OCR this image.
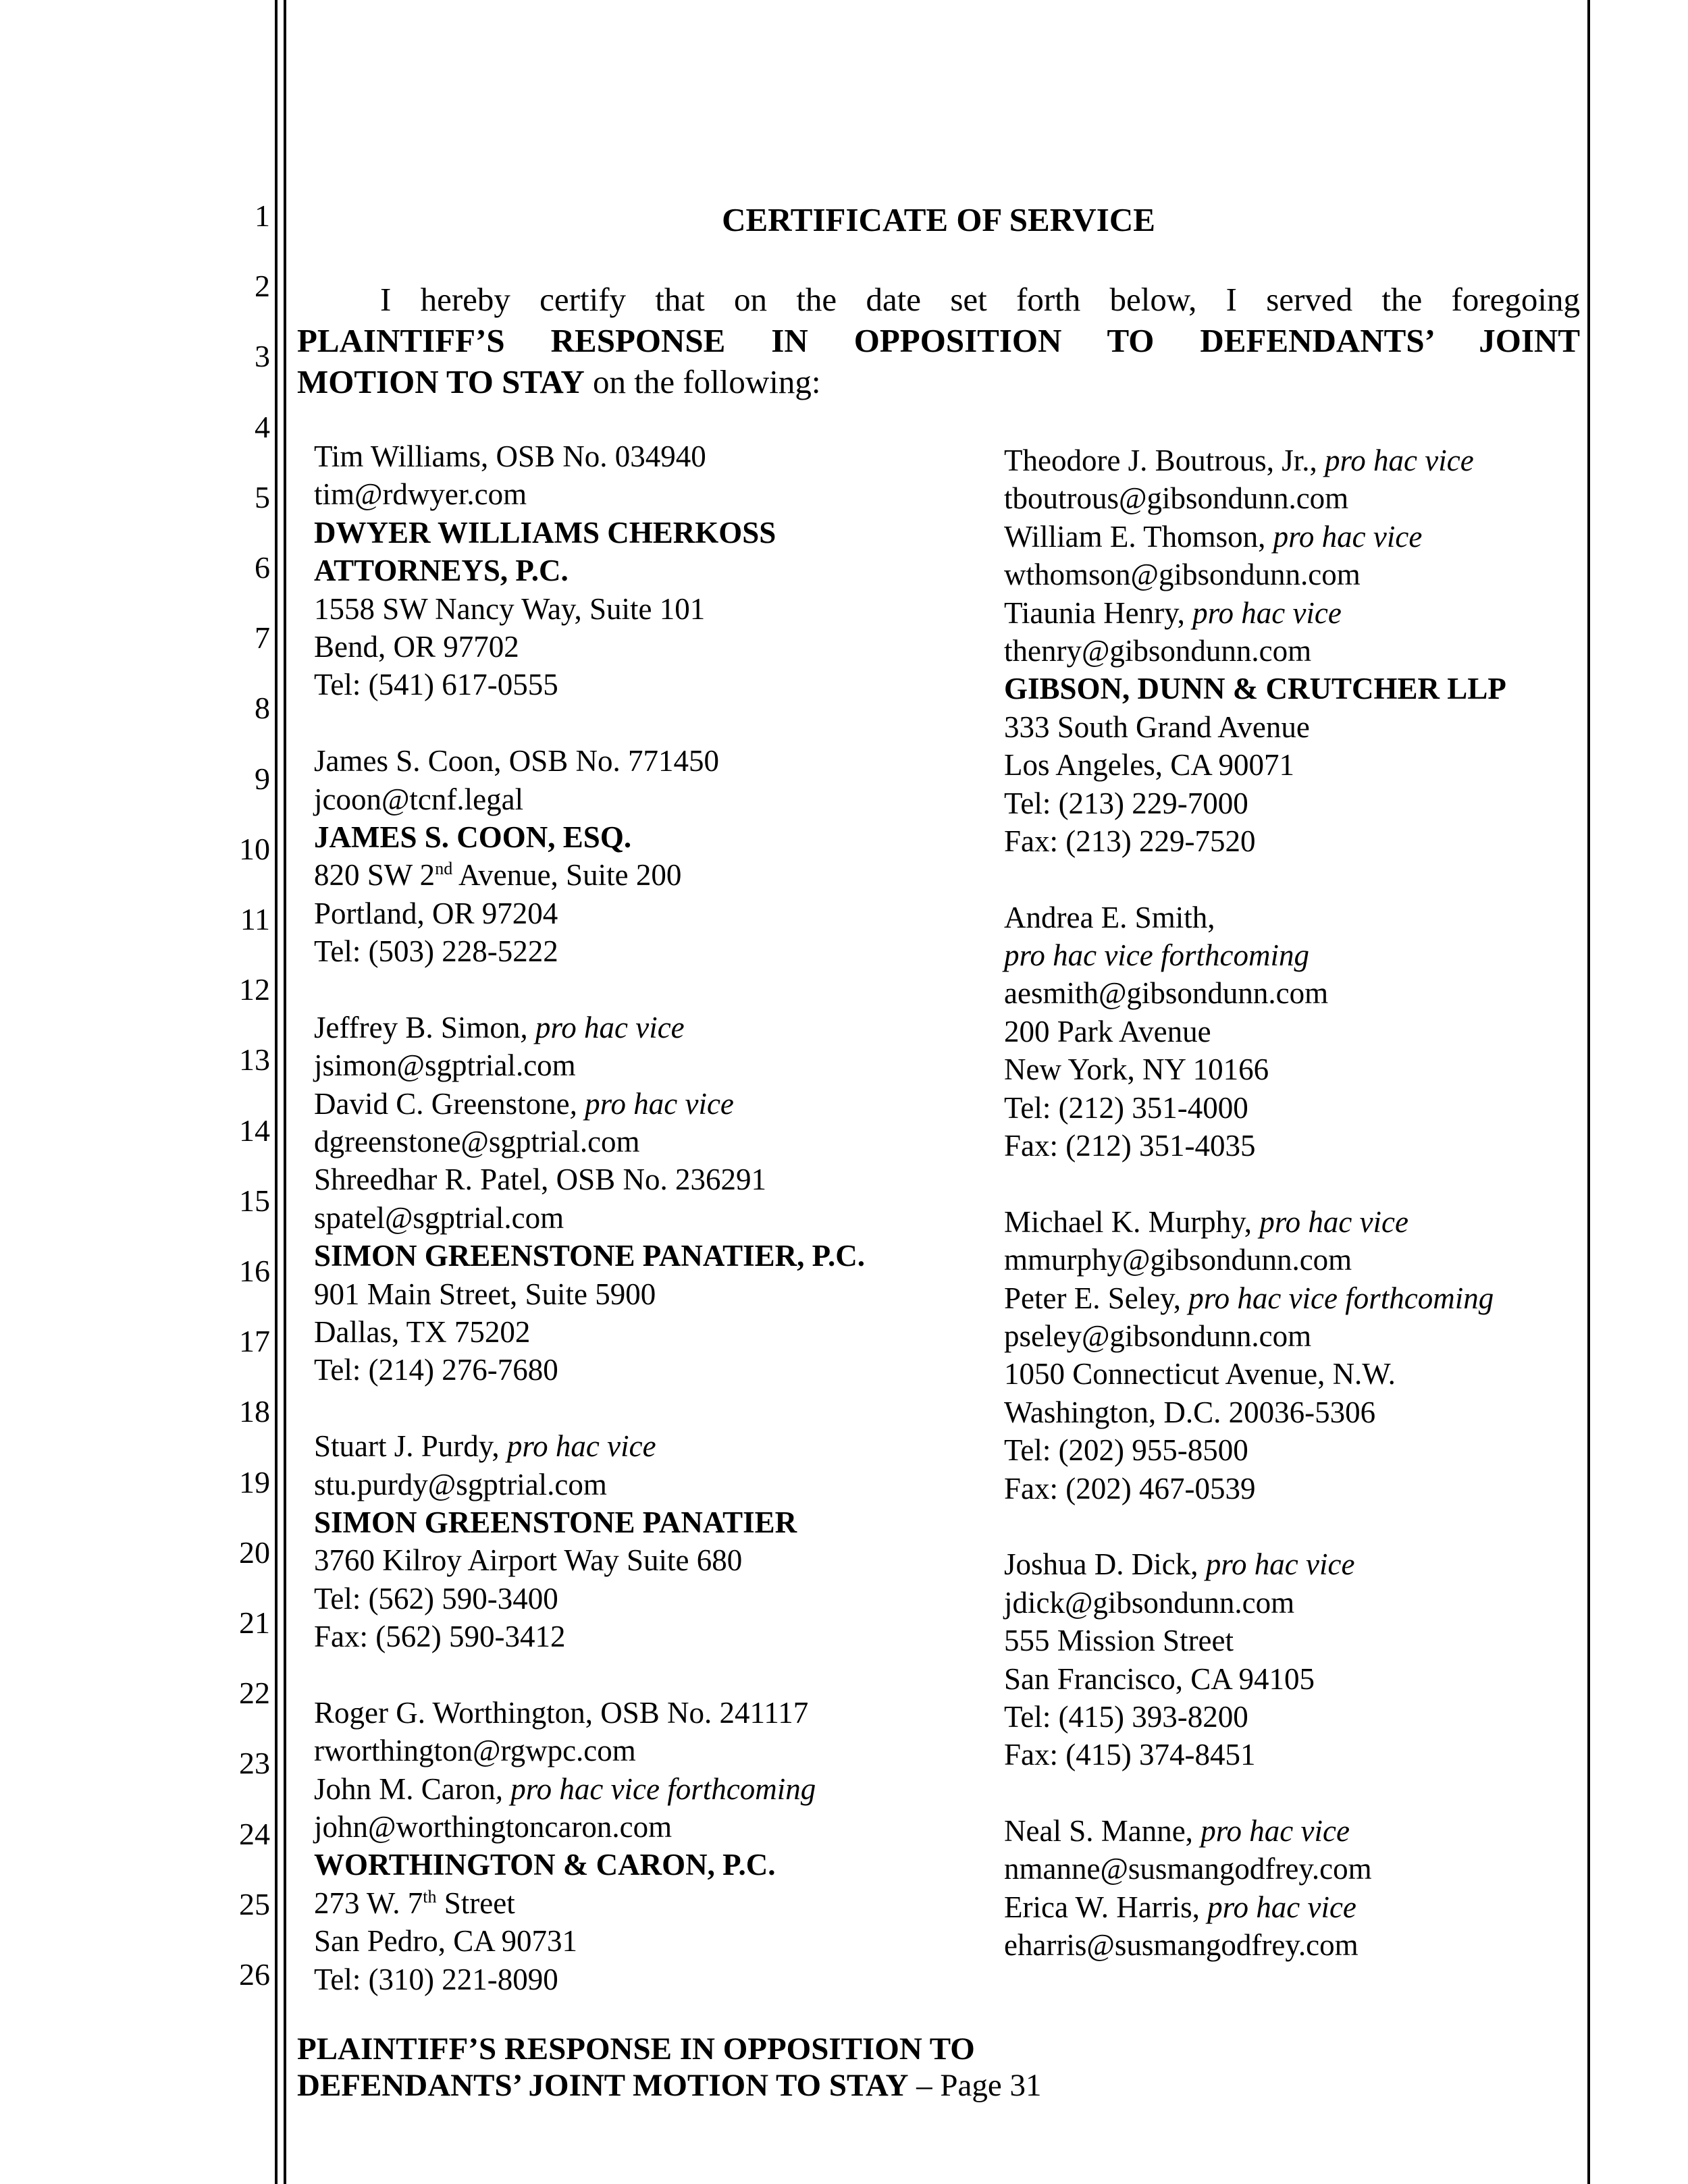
1
2
3
4
5
6
7
8
9
10
11
12
13
14
15
16
17
18
19
20
21
22
23
24
25
26
CERTIFICATE OF SERVICE

I hereby certify that on the date set forth below, I served the foregoing

PLAINTIFF’S RESPONSE IN OPPOSITION TO DEFENDANTS’ JOINT

MOTION TO STAY on the following:

Tim Williams, OSB No. 034940
tim@rdwyer.com
DWYER WILLIAMS CHERKOSS
ATTORNEYS, P.C.
1558 SW Nancy Way, Suite 101
Bend, OR 97702
Tel: (541) 617-0555
James S. Coon, OSB No. 771450
jcoon@tcnf.legal
JAMES S. COON, ESQ.
820 SW 2nd Avenue, Suite 200
Portland, OR 97204
Tel: (503) 228-5222
Jeffrey B. Simon, pro hac vice
jsimon@sgptrial.com
David C. Greenstone, pro hac vice
dgreenstone@sgptrial.com
Shreedhar R. Patel, OSB No. 236291
spatel@sgptrial.com
SIMON GREENSTONE PANATIER, P.C.
901 Main Street, Suite 5900
Dallas, TX 75202
Tel: (214) 276-7680
Stuart J. Purdy, pro hac vice
stu.purdy@sgptrial.com
SIMON GREENSTONE PANATIER
3760 Kilroy Airport Way Suite 680
Tel: (562) 590-3400
Fax: (562) 590-3412
Roger G. Worthington, OSB No. 241117
rworthington@rgwpc.com
John M. Caron, pro hac vice forthcoming
john@worthingtoncaron.com
WORTHINGTON & CARON, P.C.
273 W. 7th Street
San Pedro, CA 90731
Tel: (310) 221-8090
Theodore J. Boutrous, Jr., pro hac vice
tboutrous@gibsondunn.com
William E. Thomson, pro hac vice
wthomson@gibsondunn.com
Tiaunia Henry, pro hac vice
thenry@gibsondunn.com
GIBSON, DUNN & CRUTCHER LLP
333 South Grand Avenue
Los Angeles, CA 90071
Tel: (213) 229-7000
Fax: (213) 229-7520
Andrea E. Smith,
pro hac vice forthcoming
aesmith@gibsondunn.com
200 Park Avenue
New York, NY 10166
Tel: (212) 351-4000
Fax: (212) 351-4035
Michael K. Murphy, pro hac vice
mmurphy@gibsondunn.com
Peter E. Seley, pro hac vice forthcoming
pseley@gibsondunn.com
1050 Connecticut Avenue, N.W.
Washington, D.C. 20036-5306
Tel: (202) 955-8500
Fax: (202) 467-0539
Joshua D. Dick, pro hac vice
jdick@gibsondunn.com
555 Mission Street
San Francisco, CA 94105
Tel: (415) 393-8200
Fax: (415) 374-8451
Neal S. Manne, pro hac vice
nmanne@susmangodfrey.com
Erica W. Harris, pro hac vice
eharris@susmangodfrey.com
PLAINTIFF’S RESPONSE IN OPPOSITION TO
DEFENDANTS’ JOINT MOTION TO STAY – Page 31
